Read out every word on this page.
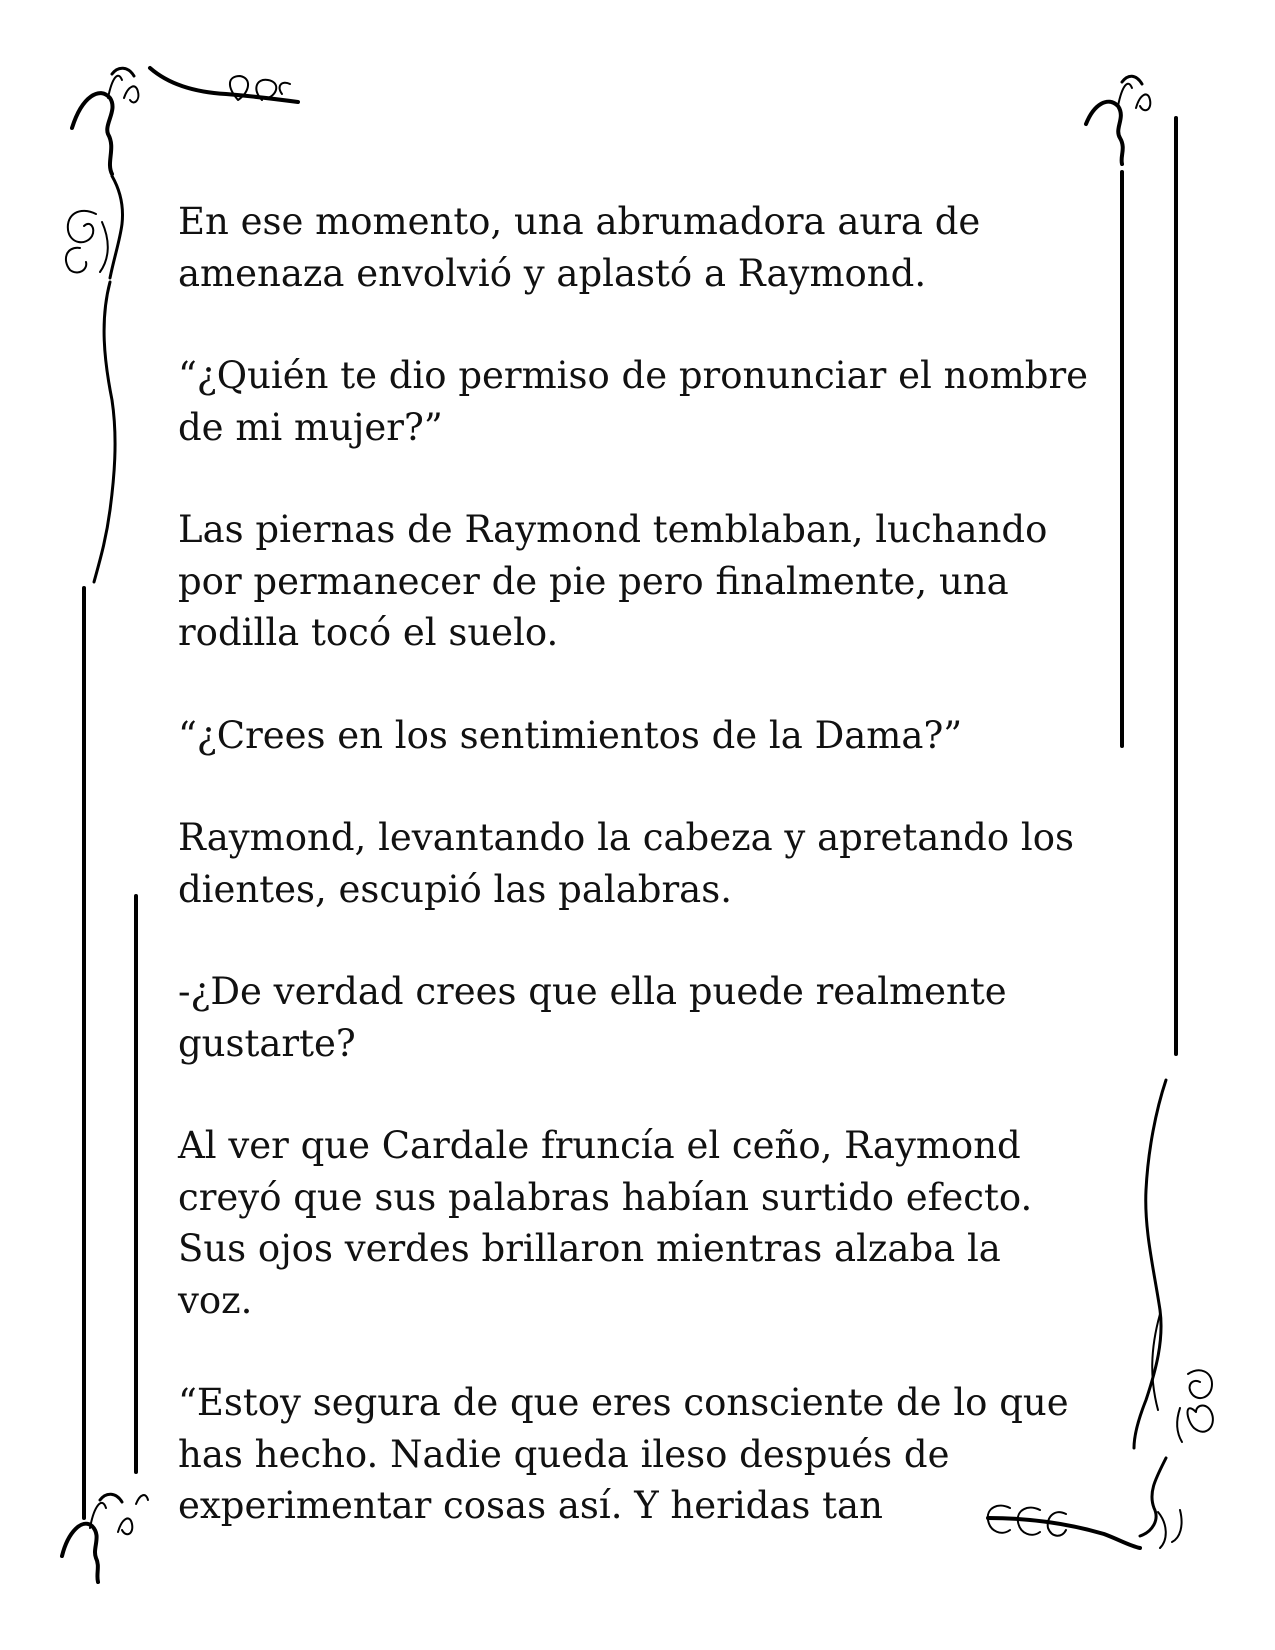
En ese momento, una abrumadora aura de
amenaza envolvió y aplastó a Raymond.

“¿Quién te dio permiso de pronunciar el nombre
de mi mujer?”

Las piernas de Raymond temblaban, luchando
por permanecer de pie pero finalmente, una
rodilla tocó el suelo.

“¿Crees en los sentimientos de la Dama?”

Raymond, levantando la cabeza y apretando los
dientes, escupió las palabras.

-¿De verdad crees que ella puede realmente
gustarte?

Al ver que Cardale fruncía el ceño, Raymond
creyó que sus palabras habían surtido efecto.
Sus ojos verdes brillaron mientras alzaba la
voz.

“Estoy segura de que eres consciente de lo que
has hecho. Nadie queda ileso después de
experimentar cosas así. Y heridas tan
